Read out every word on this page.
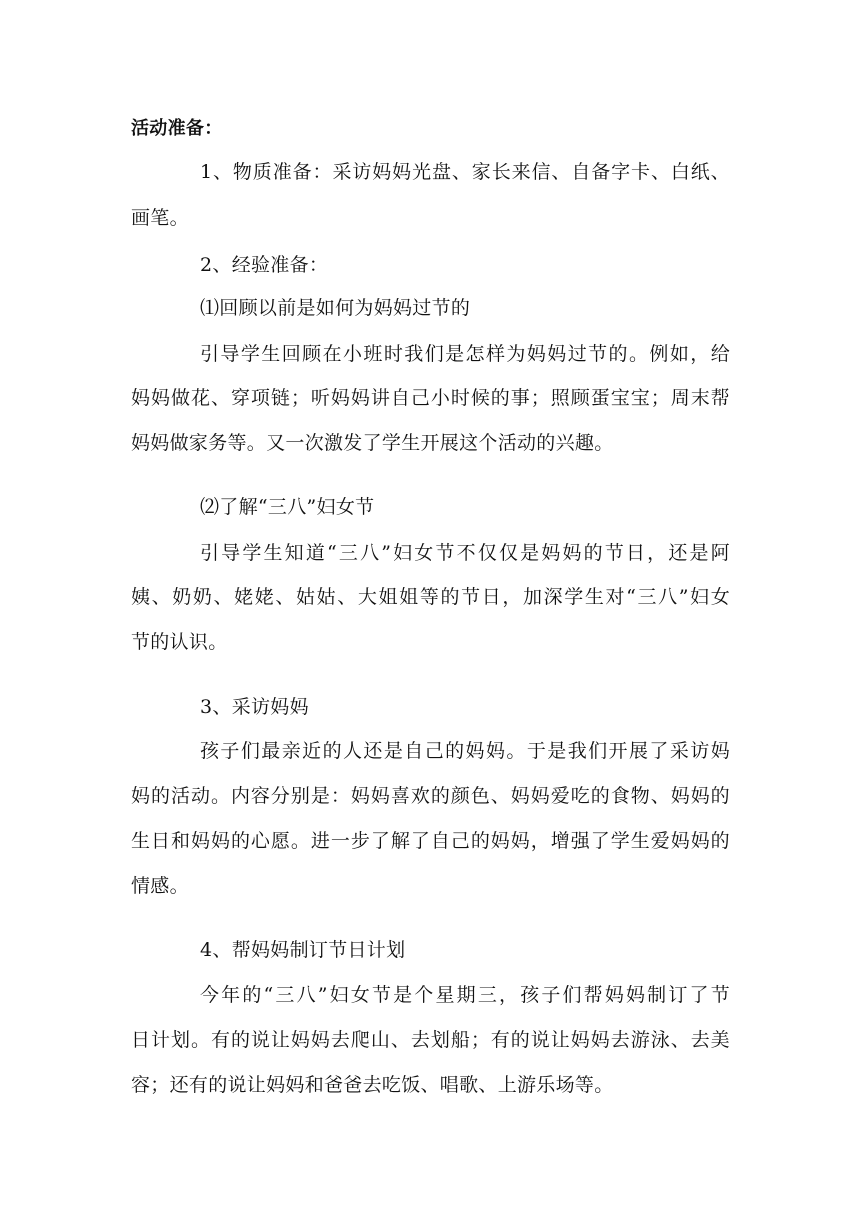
活动准备：
1、物质准备：采访妈妈光盘、家长来信、自备字卡、白纸、
画笔。
2、经验准备：
⑴回顾以前是如何为妈妈过节的
引导学生回顾在小班时我们是怎样为妈妈过节的。例如，给
妈妈做花、穿项链；听妈妈讲自己小时候的事；照顾蛋宝宝；周末帮
妈妈做家务等。又一次激发了学生开展这个活动的兴趣。
⑵了解“三八”妇女节
引导学生知道“三八”妇女节不仅仅是妈妈的节日，还是阿
姨、奶奶、姥姥、姑姑、大姐姐等的节日，加深学生对“三八”妇女
节的认识。
3、采访妈妈
孩子们最亲近的人还是自己的妈妈。于是我们开展了采访妈
妈的活动。内容分别是：妈妈喜欢的颜色、妈妈爱吃的食物、妈妈的
生日和妈妈的心愿。进一步了解了自己的妈妈，增强了学生爱妈妈的
情感。
4、帮妈妈制订节日计划
今年的“三八”妇女节是个星期三，孩子们帮妈妈制订了节
日计划。有的说让妈妈去爬山、去划船；有的说让妈妈去游泳、去美
容；还有的说让妈妈和爸爸去吃饭、唱歌、上游乐场等。
